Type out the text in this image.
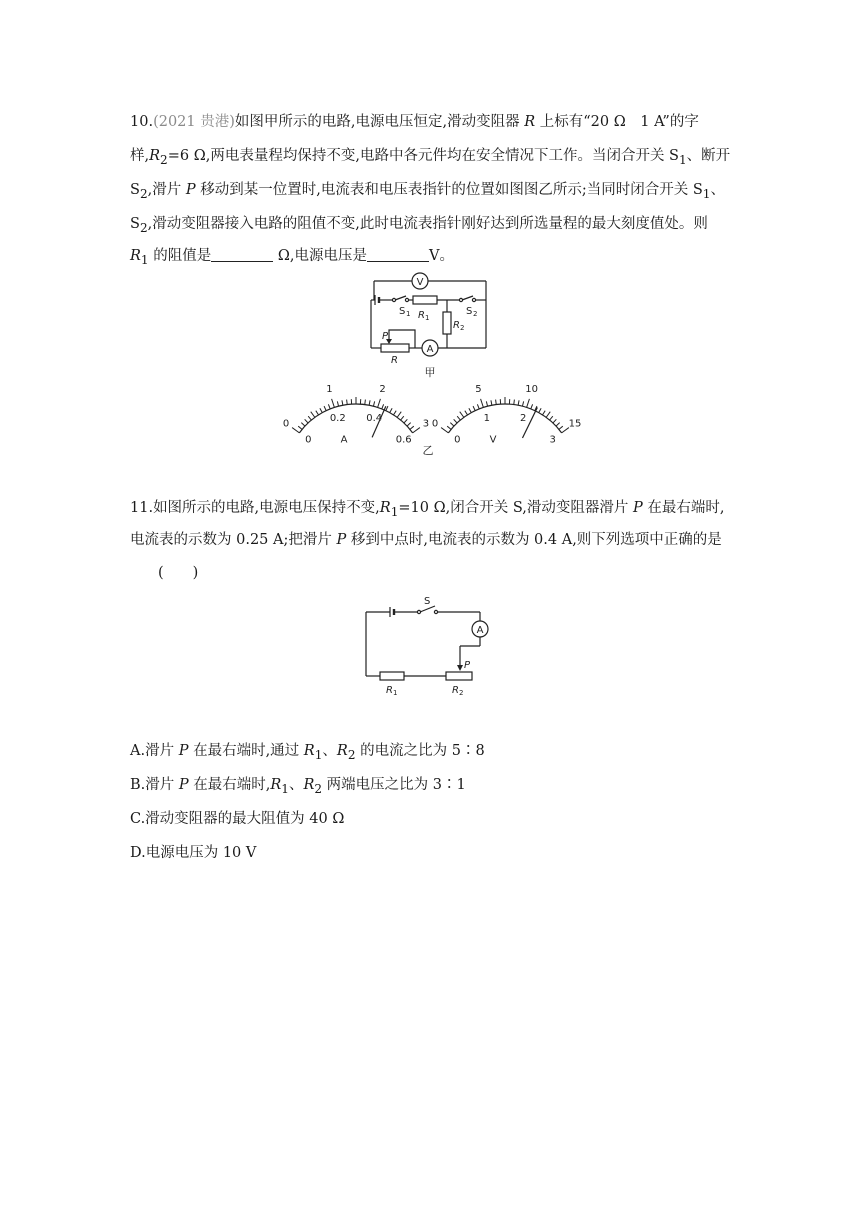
10.(2021 贵港)如图甲所示的电路,电源电压恒定,滑动变阻器 R 上标有“20 Ω　1 A”的字
样$,R_2=6$ Ω,两电表量程均保持不变,电路中各元件均在安全情况下工作。当闭合开关 $S_1$、断开
$S_2$,滑片 P 移动到某一位置时,电流表和电压表指针的位置如图图乙所示;当同时闭合开关 $S_1$、
$S_2$,滑动变阻器接入电路的阻值不变,此时电流表指针刚好达到所选量程的最大刻度值处。则
$R_1$ 的阻值是	Ω,电源电压是	V。
V
A
S 1 R 1
S 2
R 2
P
R
甲
1	2
0	3
0
0.2 0.4
0.6
A
5	10
0	15
0
1	2
3
V
乙
11.如图所示的电路,电源电压保持不变$,R_1=10$ Ω,闭合开关 S,滑动变阻器滑片 P 在最右端时,
电流表的示数为 0.25 A;把滑片 P 移到中点时,电流表的示数为 0.4 A,则下列选项中正确的是
(　　)
S
A
P
R 1	R 2
A.滑片 P 在最右端时,通过 $R_1$、$R_2$ 的电流之比为 5∶8
B.滑片 P 在最右端时$,R_1$、$R_2$ 两端电压之比为 3∶1
C.滑动变阻器的最大阻值为 40 Ω
D.电源电压为 10 V
